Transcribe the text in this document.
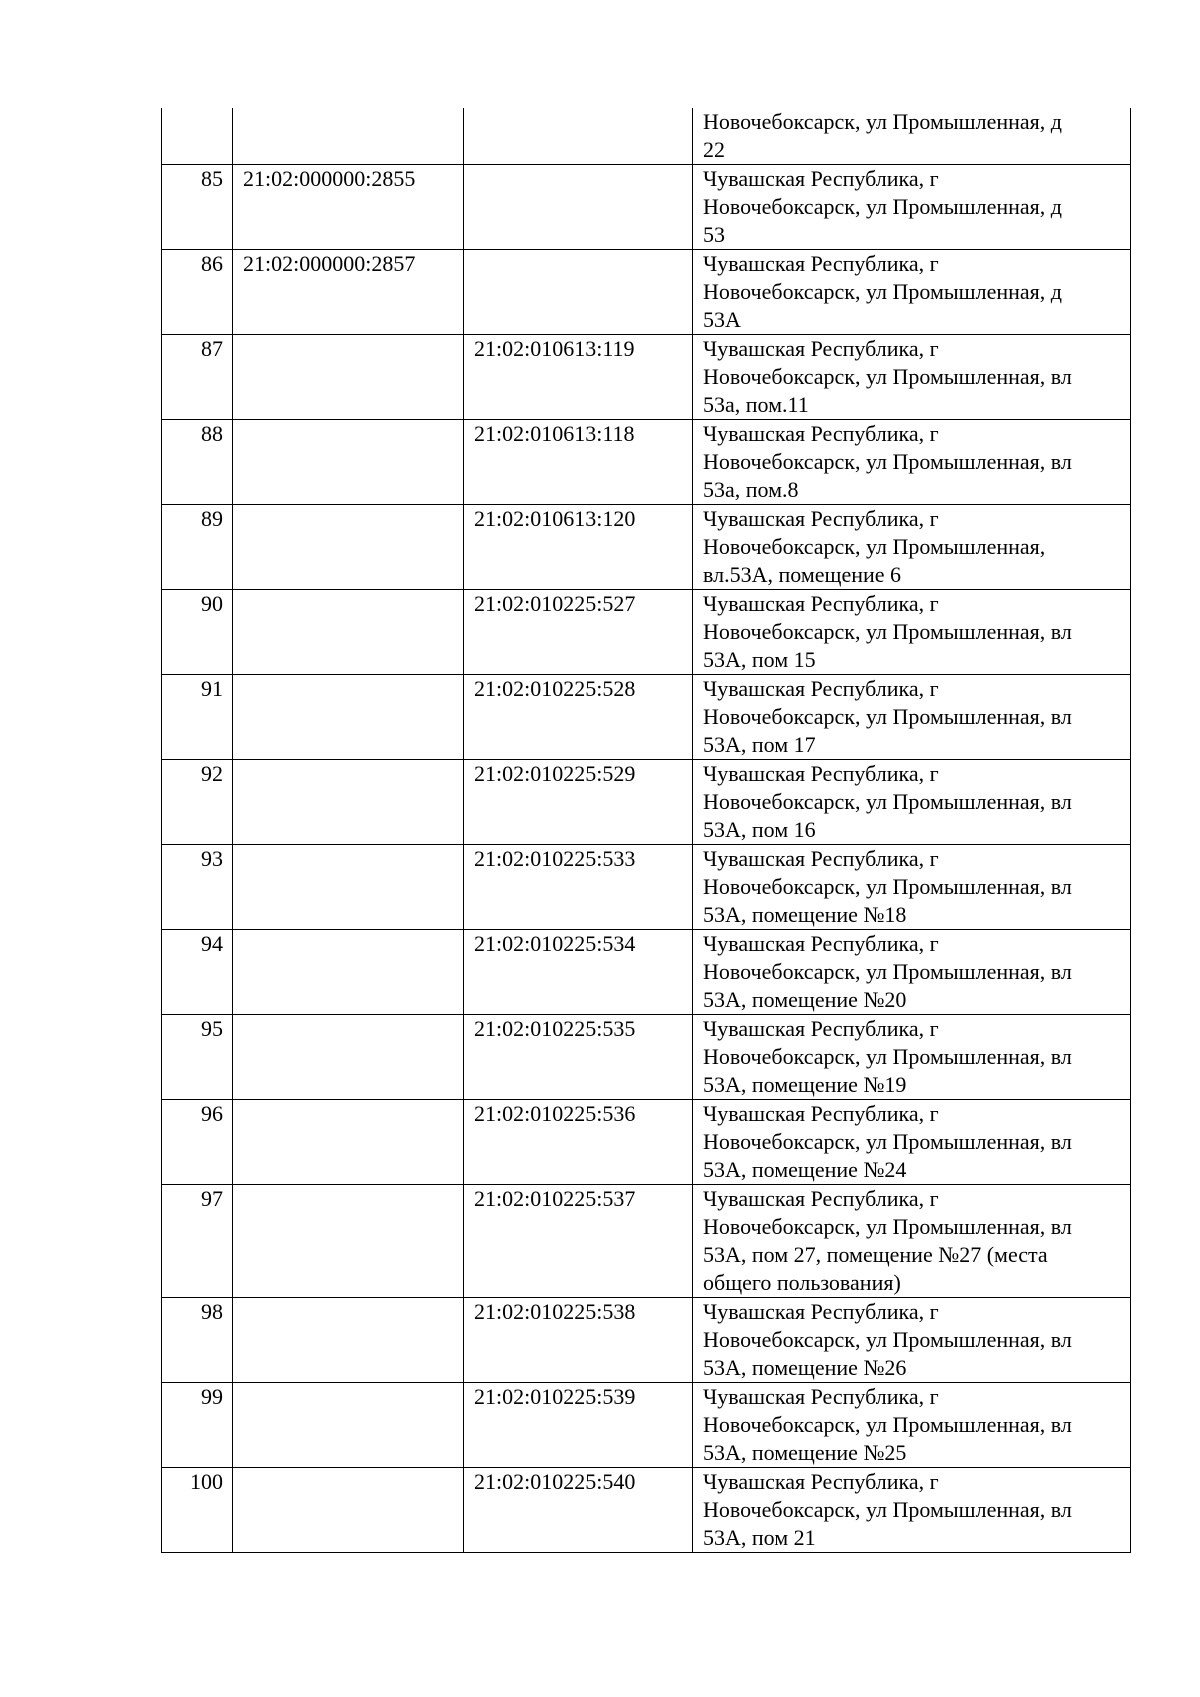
			Новочебоксарск, ул Промышленная, д
22
85	21:02:000000:2855		Чувашская Республика, г
Новочебоксарск, ул Промышленная, д
53
86	21:02:000000:2857		Чувашская Республика, г
Новочебоксарск, ул Промышленная, д
53А
87		21:02:010613:119	Чувашская Республика, г
Новочебоксарск, ул Промышленная, вл
53а, пом.11
88		21:02:010613:118	Чувашская Республика, г
Новочебоксарск, ул Промышленная, вл
53а, пом.8
89		21:02:010613:120	Чувашская Республика, г
Новочебоксарск, ул Промышленная,
вл.53А, помещение 6
90		21:02:010225:527	Чувашская Республика, г
Новочебоксарск, ул Промышленная, вл
53А, пом 15
91		21:02:010225:528	Чувашская Республика, г
Новочебоксарск, ул Промышленная, вл
53А, пом 17
92		21:02:010225:529	Чувашская Республика, г
Новочебоксарск, ул Промышленная, вл
53А, пом 16
93		21:02:010225:533	Чувашская Республика, г
Новочебоксарск, ул Промышленная, вл
53А, помещение №18
94		21:02:010225:534	Чувашская Республика, г
Новочебоксарск, ул Промышленная, вл
53А, помещение №20
95		21:02:010225:535	Чувашская Республика, г
Новочебоксарск, ул Промышленная, вл
53А, помещение №19
96		21:02:010225:536	Чувашская Республика, г
Новочебоксарск, ул Промышленная, вл
53А, помещение №24
97		21:02:010225:537	Чувашская Республика, г
Новочебоксарск, ул Промышленная, вл
53А, пом 27, помещение №27 (места
общего пользования)
98		21:02:010225:538	Чувашская Республика, г
Новочебоксарск, ул Промышленная, вл
53А, помещение №26
99		21:02:010225:539	Чувашская Республика, г
Новочебоксарск, ул Промышленная, вл
53А, помещение №25
100		21:02:010225:540	Чувашская Республика, г
Новочебоксарск, ул Промышленная, вл
53А, пом 21
